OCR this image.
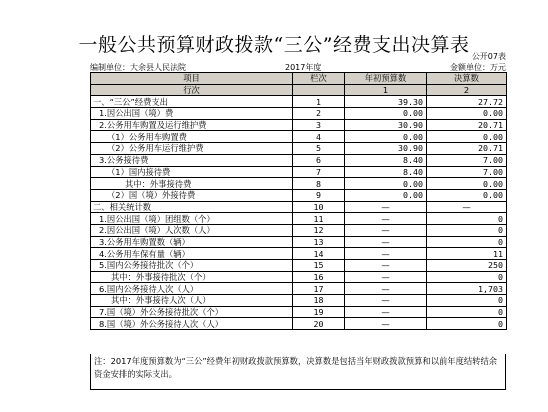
一般公共预算财政拨款“三公”经费支出决算表
公开07表
编制单位：大余县人民法院	2017年度	金额单位：万元
项目	栏次	年初预算数	决算数
行次		1	2
一、“三公”经费支出	1	39.30	27.72
1.因公出国（境）费	2	0.00	0.00
2.公务用车购置及运行维护费	3	30.90	20.71
（1）公务用车购置费	4	0.00	0.00
（2）公务用车运行维护费	5	30.90	20.71
3.公务接待费	6	8.40	7.00
（1）国内接待费	7	8.40	7.00
其中：外事接待费	8	0.00	0.00
（2）国（境）外接待费	9	0.00	0.00
二、相关统计数	10	—	—
1.因公出国（境）团组数（个）	11	—	0
2.因公出国（境）人次数（人）	12	—	0
3.公务用车购置数（辆）	13	—	0
4.公务用车保有量（辆）	14	—	11
5.国内公务接待批次（个）	15	—	250
其中：外事接待批次（个）	16	—	0
6.国内公务接待人次（人）	17	—	1,703
其中：外事接待人次（人）	18	—	0
7.国（境）外公务接待批次（个）	19	—	0
8.国（境）外公务接待人次（人）	20	—	0
注：2017年度预算数为“三公”经费年初财政拨款预算数，决算数是包括当年财政拨款预算和以前年度结转结余资金安排的实际支出。
